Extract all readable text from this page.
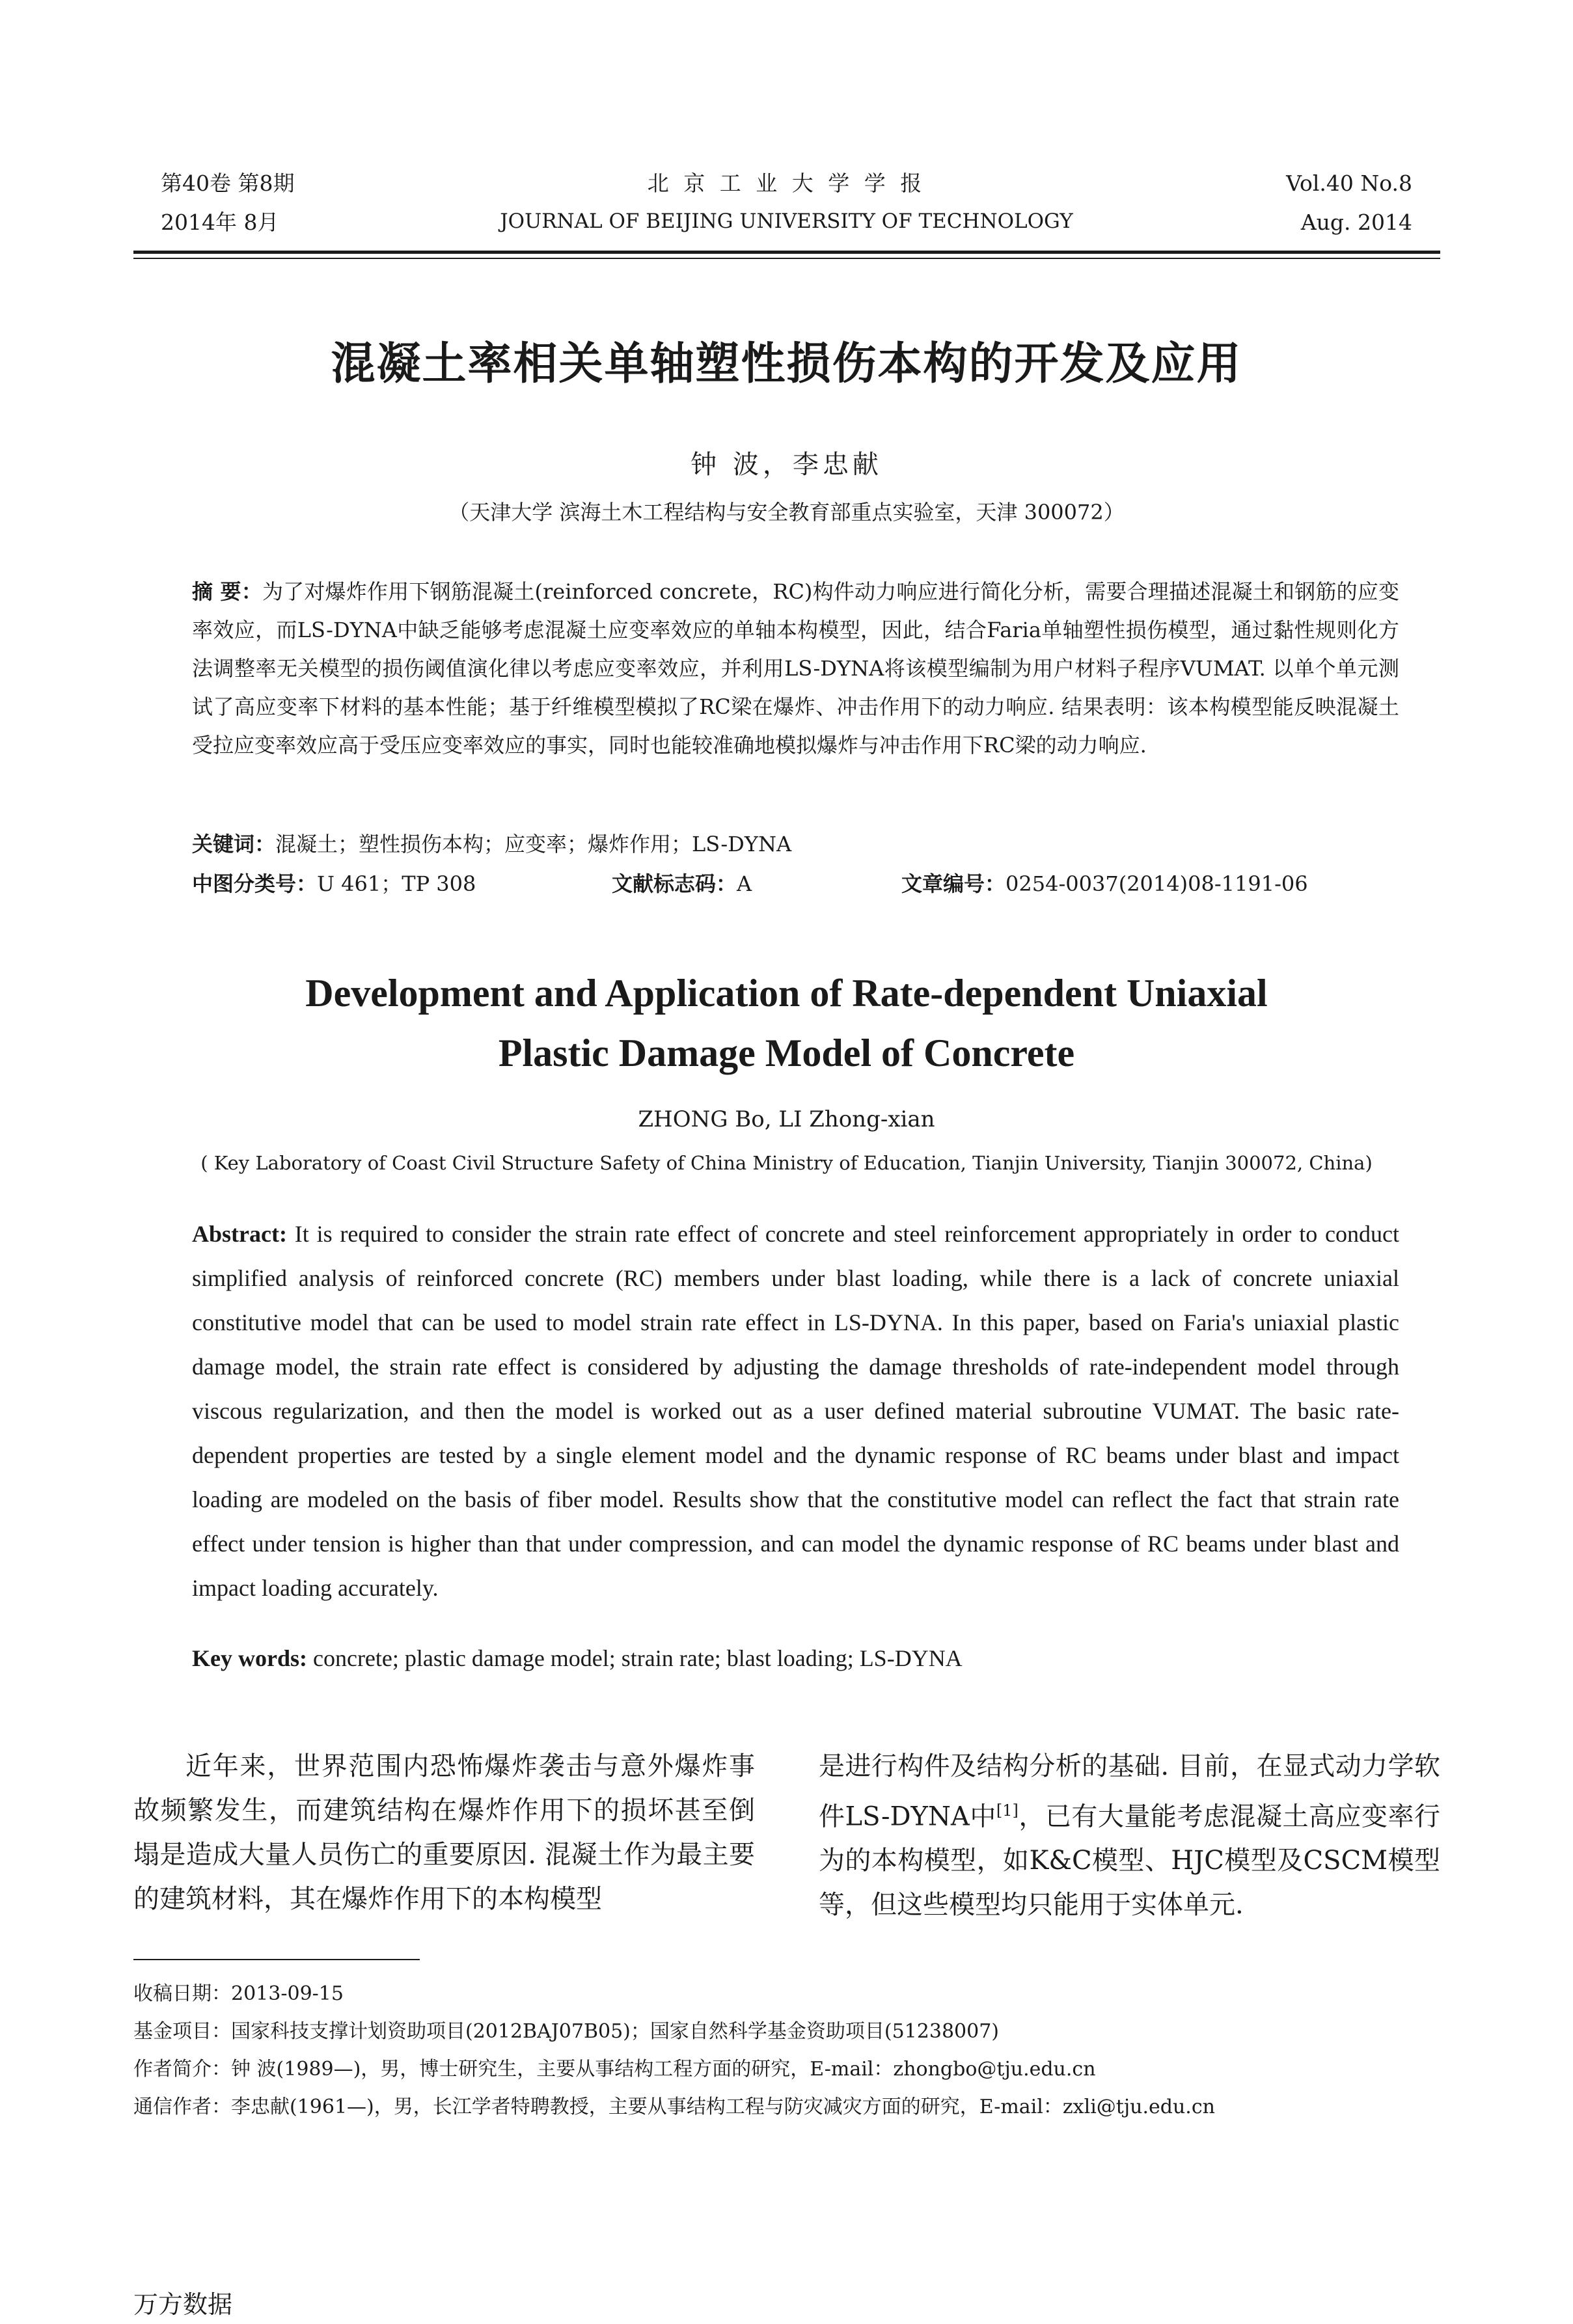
第40卷 第8期
2014年 8月
北 京 工 业 大 学 学 报
JOURNAL OF BEIJING UNIVERSITY OF TECHNOLOGY
Vol.40 No.8
Aug. 2014
混凝土率相关单轴塑性损伤本构的开发及应用
钟 波，李忠献
（天津大学 滨海土木工程结构与安全教育部重点实验室，天津 300072）
摘 要：为了对爆炸作用下钢筋混凝土(reinforced concrete，RC)构件动力响应进行简化分析，需要合理描述混凝土和钢筋的应变率效应，而LS-DYNA中缺乏能够考虑混凝土应变率效应的单轴本构模型，因此，结合Faria单轴塑性损伤模型，通过黏性规则化方法调整率无关模型的损伤阈值演化律以考虑应变率效应，并利用LS-DYNA将该模型编制为用户材料子程序VUMAT. 以单个单元测试了高应变率下材料的基本性能；基于纤维模型模拟了RC梁在爆炸、冲击作用下的动力响应. 结果表明：该本构模型能反映混凝土受拉应变率效应高于受压应变率效应的事实，同时也能较准确地模拟爆炸与冲击作用下RC梁的动力响应.
关键词：混凝土；塑性损伤本构；应变率；爆炸作用；LS-DYNA
中图分类号：U 461；TP 308	文献标志码：A	文章编号：0254-0037(2014)08-1191-06
Development and Application of Rate-dependent Uniaxial
Plastic Damage Model of Concrete
ZHONG Bo, LI Zhong-xian
( Key Laboratory of Coast Civil Structure Safety of China Ministry of Education, Tianjin University, Tianjin 300072, China)
Abstract: It is required to consider the strain rate effect of concrete and steel reinforcement appropriately in order to conduct simplified analysis of reinforced concrete (RC) members under blast loading, while there is a lack of concrete uniaxial constitutive model that can be used to model strain rate effect in LS-DYNA. In this paper, based on Faria's uniaxial plastic damage model, the strain rate effect is considered by adjusting the damage thresholds of rate-independent model through viscous regularization, and then the model is worked out as a user defined material subroutine VUMAT. The basic rate-dependent properties are tested by a single element model and the dynamic response of RC beams under blast and impact loading are modeled on the basis of fiber model. Results show that the constitutive model can reflect the fact that strain rate effect under tension is higher than that under compression, and can model the dynamic response of RC beams under blast and impact loading accurately.
Key words: concrete; plastic damage model; strain rate; blast loading; LS-DYNA
近年来，世界范围内恐怖爆炸袭击与意外爆炸事故频繁发生，而建筑结构在爆炸作用下的损坏甚至倒塌是造成大量人员伤亡的重要原因. 混凝土作为最主要的建筑材料，其在爆炸作用下的本构模型
是进行构件及结构分析的基础. 目前，在显式动力学软件LS-DYNA中[1]，已有大量能考虑混凝土高应变率行为的本构模型，如K&C模型、HJC模型及CSCM模型等，但这些模型均只能用于实体单元.
收稿日期：2013-09-15
基金项目：国家科技支撑计划资助项目(2012BAJ07B05)；国家自然科学基金资助项目(51238007)
作者简介：钟 波(1989—)，男，博士研究生，主要从事结构工程方面的研究，E-mail：zhongbo@tju.edu.cn
通信作者：李忠献(1961—)，男，长江学者特聘教授，主要从事结构工程与防灾减灾方面的研究，E-mail：zxli@tju.edu.cn
万方数据
